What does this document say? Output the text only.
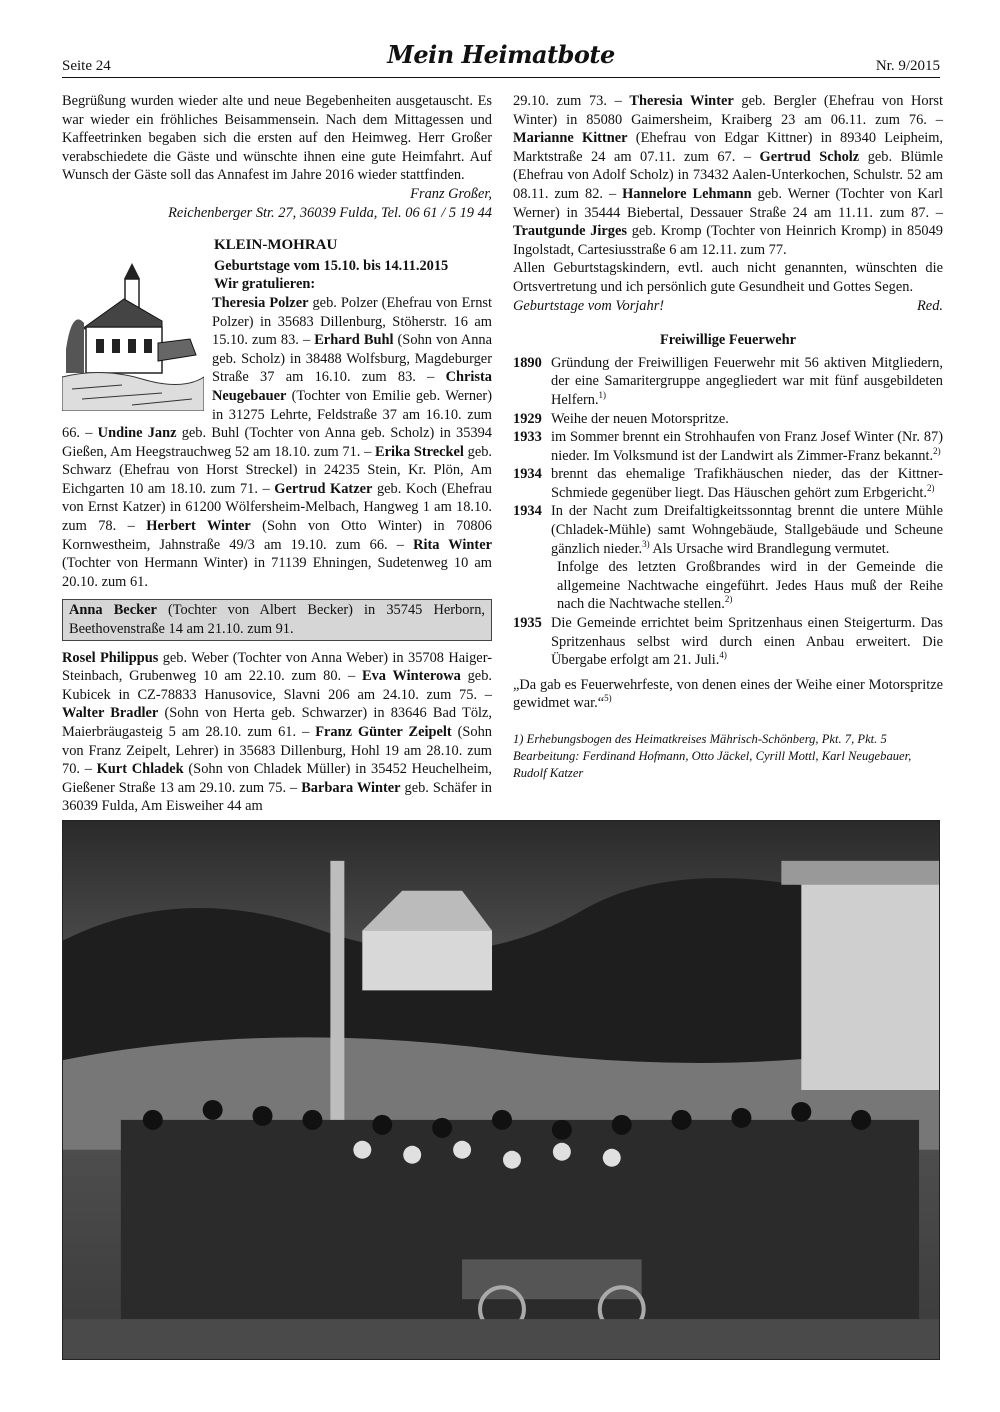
Seite 24	Mein Heimatbote	Nr. 9/2015

Begrüßung wurden wieder alte und neue Begebenheiten ausgetauscht. Es war wieder ein fröhliches Beisammensein. Nach dem Mittagessen und Kaffeetrinken begaben sich die ersten auf den Heimweg. Herr Großer verabschiedete die Gäste und wünschte ihnen eine gute Heimfahrt. Auf Wunsch der Gäste soll das Annafest im Jahre 2016 wieder stattfinden.

Franz Großer,
Reichenberger Str. 27, 36039 Fulda, Tel. 06 61 / 5 19 44
KLEIN-MOHRAU
Geburtstage vom 15.10. bis 14.11.2015
Wir gratulieren:

Theresia Polzer geb. Polzer (Ehefrau von Ernst Polzer) in 35683 Dillenburg, Stöherstr. 16 am 15.10. zum 83. – Erhard Buhl (Sohn von Anna geb. Scholz) in 38488 Wolfsburg, Magdeburger Straße 37 am 16.10. zum 83. – Christa Neugebauer (Tochter von Emilie geb. Werner) in 31275 Lehrte, Feldstraße 37 am 16.10. zum 66. – Undine Janz geb. Buhl (Tochter von Anna geb. Scholz) in 35394 Gießen, Am Heegstrauchweg 52 am 18.10. zum 71. – Erika Streckel geb. Schwarz (Ehefrau von Horst Streckel) in 24235 Stein, Kr. Plön, Am Eichgarten 10 am 18.10. zum 71. – Gertrud Katzer geb. Koch (Ehefrau von Ernst Katzer) in 61200 Wölfersheim-Melbach, Hangweg 1 am 18.10. zum 78. – Herbert Winter (Sohn von Otto Winter) in 70806 Kornwestheim, Jahnstraße 49/3 am 19.10. zum 66. – Rita Winter (Tochter von Hermann Winter) in 71139 Ehningen, Sudetenweg 10 am 20.10. zum 61.

Anna Becker (Tochter von Albert Becker) in 35745 Herborn, Beethovenstraße 14 am 21.10. zum 91.

Rosel Philippus geb. Weber (Tochter von Anna Weber) in 35708 Haiger-Steinbach, Grubenweg 10 am 22.10. zum 80. – Eva Winterowa geb. Kubicek in CZ-78833 Hanusovice, Slavni 206 am 24.10. zum 75. – Walter Bradler (Sohn von Herta geb. Schwarzer) in 83646 Bad Tölz, Maierbräugasteig 5 am 28.10. zum 61. – Franz Günter Zeipelt (Sohn von Franz Zeipelt, Lehrer) in 35683 Dillenburg, Hohl 19 am 28.10. zum 70. – Kurt Chladek (Sohn von Chladek Müller) in 35452 Heuchelheim, Gießener Straße 13 am 29.10. zum 75. – Barbara Winter geb. Schäfer in 36039 Fulda, Am Eisweiher 44 am

29.10. zum 73. – Theresia Winter geb. Bergler (Ehefrau von Horst Winter) in 85080 Gaimersheim, Kraiberg 23 am 06.11. zum 76. – Marianne Kittner (Ehefrau von Edgar Kittner) in 89340 Leipheim, Marktstraße 24 am 07.11. zum 67. – Gertrud Scholz geb. Blümle (Ehefrau von Adolf Scholz) in 73432 Aalen-Unterkochen, Schulstr. 52 am 08.11. zum 82. – Hannelore Lehmann geb. Werner (Tochter von Karl Werner) in 35444 Biebertal, Dessauer Straße 24 am 11.11. zum 87. – Trautgunde Jirges geb. Kromp (Tochter von Heinrich Kromp) in 85049 Ingolstadt, Cartesiusstraße 6 am 12.11. zum 77.

Allen Geburtstagskindern, evtl. auch nicht genannten, wünschten die Ortsvertretung und ich persönlich gute Gesundheit und Gottes Segen.

Geburtstage vom Vorjahr!	Red.
Freiwillige Feuerwehr
1890 Gründung der Freiwilligen Feuerwehr mit 56 aktiven Mitgliedern, der eine Samaritergruppe angegliedert war mit fünf ausgebildeten Helfern.$^{1)}$
1929 Weihe der neuen Motorspritze.
1933 im Sommer brennt ein Strohhaufen von Franz Josef Winter (Nr. 87) nieder. Im Volksmund ist der Landwirt als Zimmer-Franz bekannt.$^{2)}$
1934 brennt das ehemalige Trafikhäuschen nieder, das der Kittner-Schmiede gegenüber liegt. Das Häuschen gehört zum Erbgericht.$^{2)}$
1934 In der Nacht zum Dreifaltigkeitssonntag brennt die untere Mühle (Chladek-Mühle) samt Wohngebäude, Stallgebäude und Scheune gänzlich nieder.$^{3)}$ Als Ursache wird Brandlegung vermutet.
Infolge des letzten Großbrandes wird in der Gemeinde die allgemeine Nachtwache eingeführt. Jedes Haus muß der Reihe nach die Nachtwache stellen.$^{2)}$
1935 Die Gemeinde errichtet beim Spritzenhaus einen Steigerturm. Das Spritzenhaus selbst wird durch einen Anbau erweitert. Die Übergabe erfolgt am 21. Juli.$^{4)}$

„Da gab es Feuerwehrfeste, von denen eines der Weihe einer Motorspritze gewidmet war.“$^{5)}$

1) Erhebungsbogen des Heimatkreises Mährisch-Schönberg, Pkt. 7, Pkt. 5
Bearbeitung: Ferdinand Hofmann, Otto Jäckel, Cyrill Mottl, Karl Neugebauer, Rudolf Katzer
